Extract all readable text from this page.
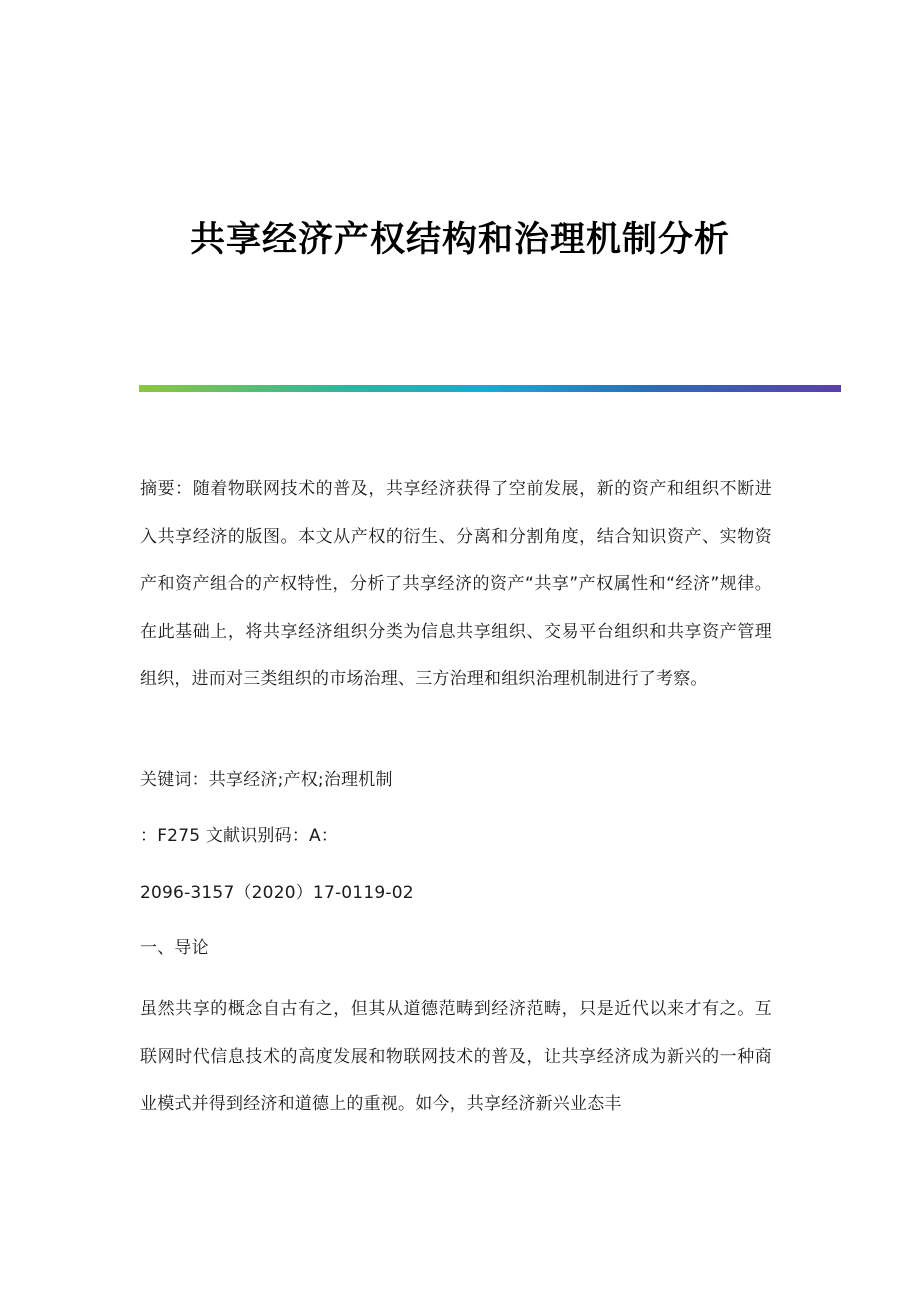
共享经济产权结构和治理机制分析

摘要：随着物联网技术的普及，共享经济获得了空前发展，新的资产和组织不断进入共享经济的版图。本文从产权的衍生、分离和分割角度，结合知识资产、实物资产和资产组合的产权特性，分析了共享经济的资产“共享”产权属性和“经济”规律。在此基础上，将共享经济组织分类为信息共享组织、交易平台组织和共享资产管理组织，进而对三类组织的市场治理、三方治理和组织治理机制进行了考察。

关键词：共享经济;产权;治理机制

：F275 文献识别码：A：

2096-3157（2020）17-0119-02

一、导论

虽然共享的概念自古有之，但其从道德范畴到经济范畴，只是近代以来才有之。互联网时代信息技术的高度发展和物联网技术的普及，让共享经济成为新兴的一种商业模式并得到经济和道德上的重视。如今，共享经济新兴业态丰
